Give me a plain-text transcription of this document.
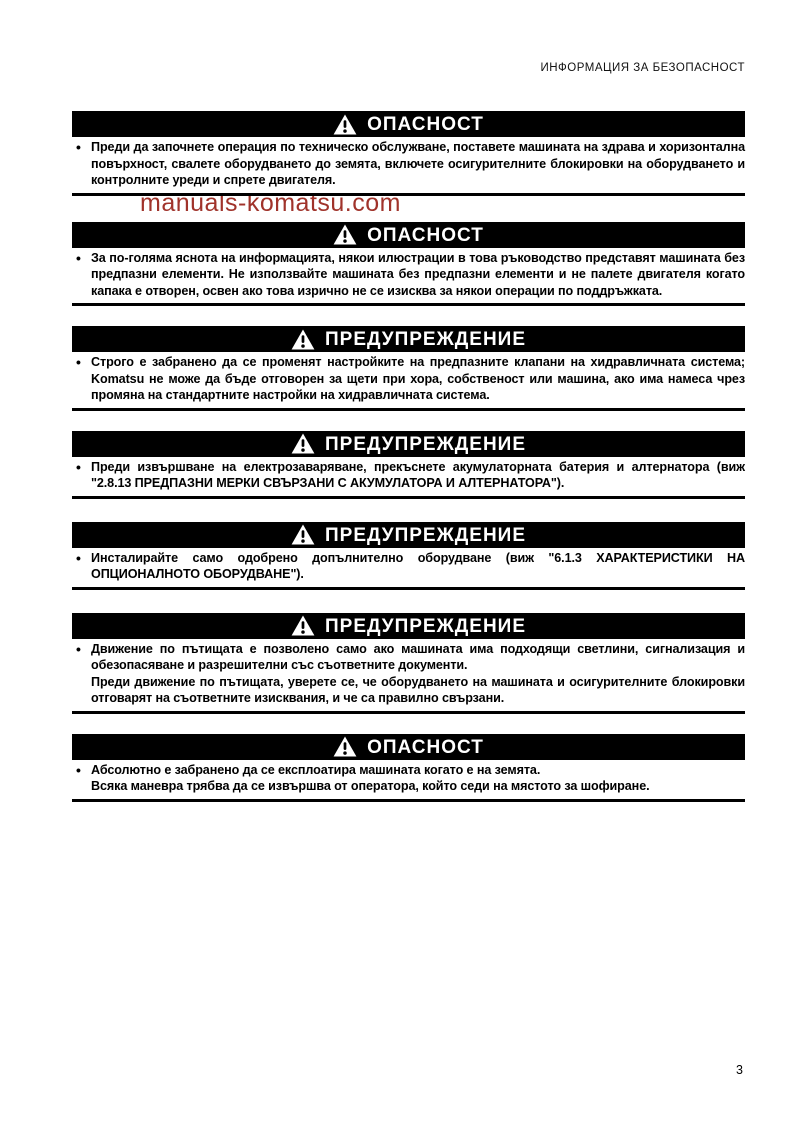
ИНФОРМАЦИЯ ЗА БЕЗОПАСНОСТ
manuals-komatsu.com
ОПАСНОСТ

• Преди да започнете операция по техническо обслужване, поставете машината на здрава и хоризонтална повърхност, свалете оборудването до земята, включете осигурителните блокировки на оборудването и контролните уреди и спрете двигателя.

ОПАСНОСТ

• За по-голяма яснота на информацията, някои илюстрации в това ръководство представят машината без предпазни елементи. Не използвайте машината без предпазни елементи и не палете двигателя когато капака е отворен, освен ако това изрично не се изисква за някои операции по поддръжката.

ПРЕДУПРЕЖДЕНИЕ

• Строго е забранено да се променят настройките на предпазните клапани на хидравличната система; Komatsu не може да бъде отговорен за щети при хора, собственост или машина, ако има намеса чрез промяна на стандартните настройки на хидравличната система.

ПРЕДУПРЕЖДЕНИЕ

• Преди извършване на електрозаваряване, прекъснете акумулаторната батерия и алтернатора (виж "2.8.13 ПРЕДПАЗНИ МЕРКИ СВЪРЗАНИ С АКУМУЛАТОРА И АЛТЕРНАТОРА").

ПРЕДУПРЕЖДЕНИЕ

• Инсталирайте само одобрено допълнително оборудване (виж "6.1.3 ХАРАКТЕРИСТИКИ НА ОПЦИОНАЛНОТО ОБОРУДВАНЕ").

ПРЕДУПРЕЖДЕНИЕ

• Движение по пътищата е позволено само ако машината има подходящи светлини, сигнализация и обезопасяване и разрешителни със съответните документи.

Преди движение по пътищата, уверете се, че оборудването на машината и осигурителните блокировки отговарят на съответните изисквания, и че са правилно свързани.

ОПАСНОСТ

• Абсолютно е забранено да се експлоатира машината когато е на земята.

Всяка маневра трябва да се извършва от оператора, който седи на мястото за шофиране.

3
